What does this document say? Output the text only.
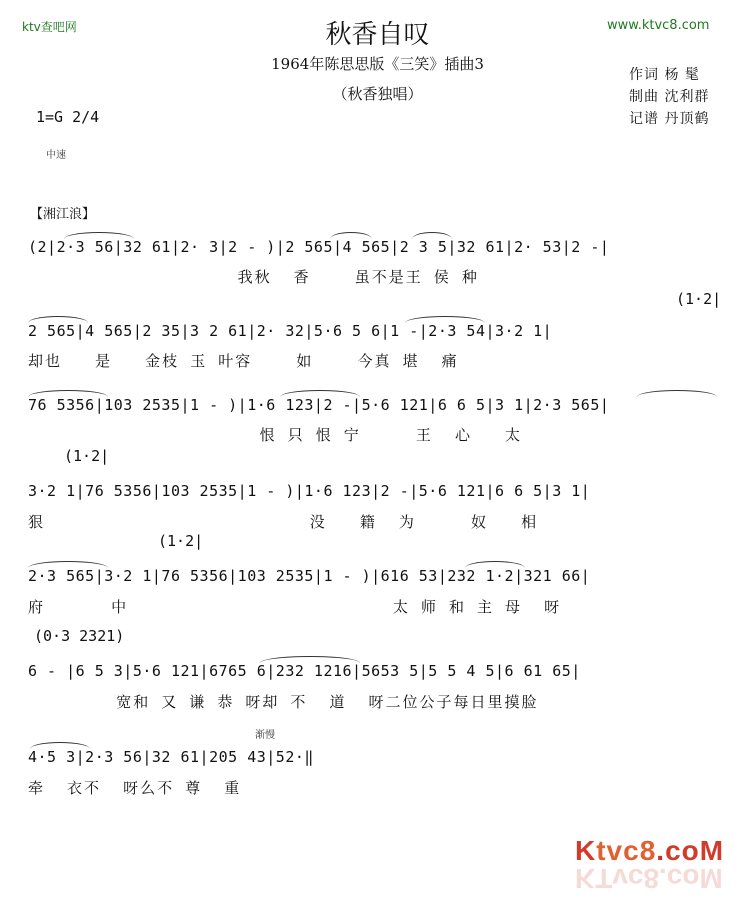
ktv查吧网	www.ktvc8.com
秋香自叹
1964年陈思思版《三笑》插曲3
（秋香独唱）
作词 杨 髦
制曲 沈利群
记谱 丹顶鹤
1=G 2/4
中速
【湘江浪】
(2|2·3 56|32 61|2· 3|2 - )|2 565|4 565|2 3 5|32 61|2· 53|2 -|
我秋  香    虽不是王 侯 种
(1·2|
2 565|4 565|2 35|3 2 61|2· 32|5·6 5 6|1 -|2·3 54|3·2 1|
却也   是   金枝 玉 叶容    如    今真 堪  痛
76 5356|103 2535|1 - )|1·6 123|2 -|5·6 121|6 6 5|3 1|2·3 565|
恨 只 恨 宁     王  心   太
(1·2|
3·2 1|76 5356|103 2535|1 - )|1·6 123|2 -|5·6 121|6 6 5|3 1|
狠                        没   籍  为     奴   相
(1·2|
2·3 565|3·2 1|76 5356|103 2535|1 - )|616 53|232 1·2|321 66|
府      中                        太 师 和 主 母  呀
(0·3 2321)
6 - |6 5 3|5·6 121|6765 6|232 1216|5653 5|5 5 4 5|6 61 65|
宽和 又 谦 恭 呀却 不  道  呀二位公子每日里摸脸
渐慢
4·5 3|2·3 56|32 61|205 43|52·‖
牵  衣不  呀么不 尊  重
Ktvc8.coM
KTvc8.coM
